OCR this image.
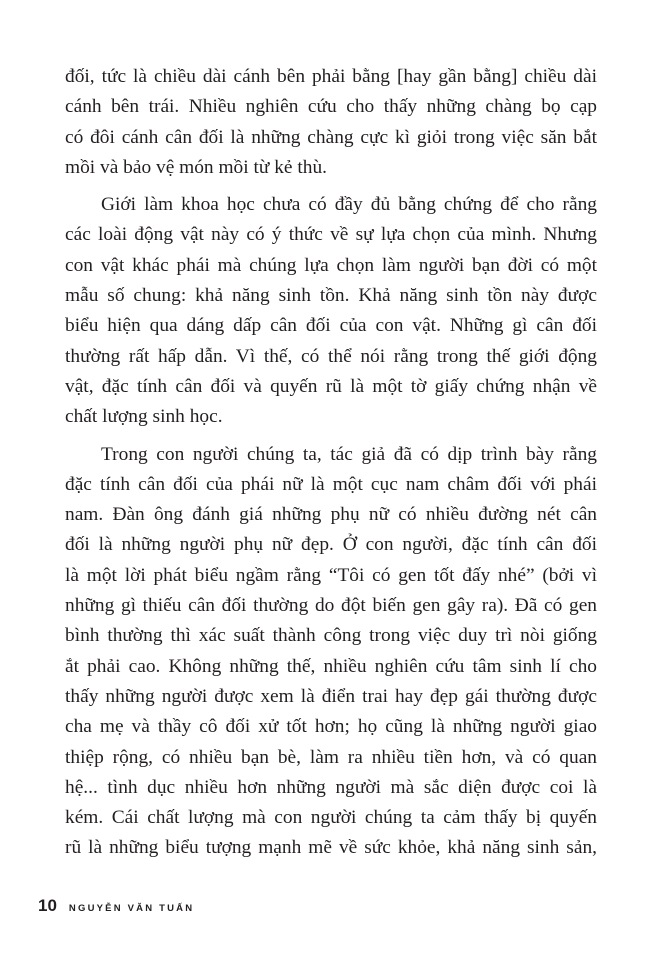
đối, tức là chiều dài cánh bên phải bằng [hay gần bằng] chiều dài
cánh bên trái. Nhiều nghiên cứu cho thấy những chàng bọ cạp
có đôi cánh cân đối là những chàng cực kì giỏi trong việc săn bắt
mồi và bảo vệ món mồi từ kẻ thù.
Giới làm khoa học chưa có đầy đủ bằng chứng để cho rằng
các loài động vật này có ý thức về sự lựa chọn của mình. Nhưng
con vật khác phái mà chúng lựa chọn làm người bạn đời có một
mẫu số chung: khả năng sinh tồn. Khả năng sinh tồn này được
biểu hiện qua dáng dấp cân đối của con vật. Những gì cân đối
thường rất hấp dẫn. Vì thế, có thể nói rằng trong thế giới động
vật, đặc tính cân đối và quyến rũ là một tờ giấy chứng nhận về
chất lượng sinh học.
Trong con người chúng ta, tác giả đã có dịp trình bày rằng
đặc tính cân đối của phái nữ là một cục nam châm đối với phái
nam. Đàn ông đánh giá những phụ nữ có nhiều đường nét cân
đối là những người phụ nữ đẹp. Ở con người, đặc tính cân đối
là một lời phát biểu ngầm rằng “Tôi có gen tốt đấy nhé” (bởi vì
những gì thiếu cân đối thường do đột biến gen gây ra). Đã có gen
bình thường thì xác suất thành công trong việc duy trì nòi giống
ắt phải cao. Không những thế, nhiều nghiên cứu tâm sinh lí cho
thấy những người được xem là điển trai hay đẹp gái thường được
cha mẹ và thầy cô đối xử tốt hơn; họ cũng là những người giao
thiệp rộng, có nhiều bạn bè, làm ra nhiều tiền hơn, và có quan
hệ... tình dục nhiều hơn những người mà sắc diện được coi là
kém. Cái chất lượng mà con người chúng ta cảm thấy bị quyến
rũ là những biểu tượng mạnh mẽ về sức khỏe, khả năng sinh sản,
10 NGUYỄN VĂN TUẤN
